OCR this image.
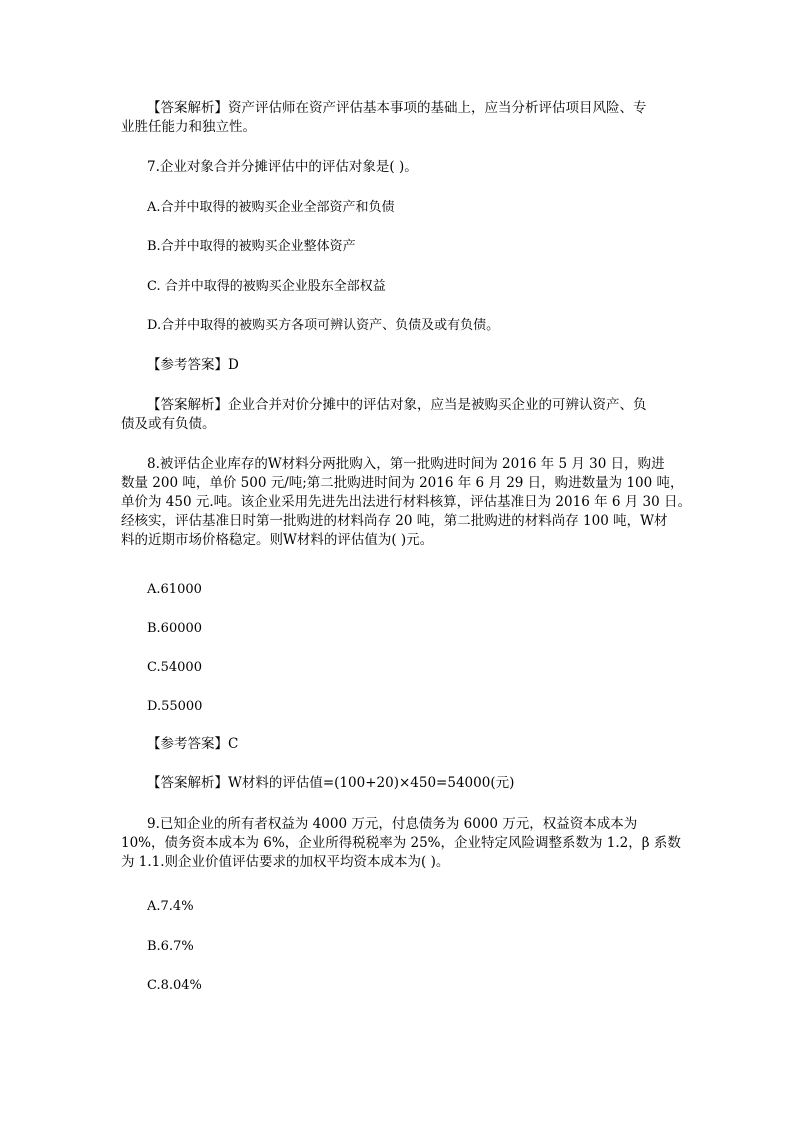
【答案解析】资产评估师在资产评估基本事项的基础上，应当分析评估项目风险、专
业胜任能力和独立性。
7.企业对象合并分摊评估中的评估对象是( )。
A.合并中取得的被购买企业全部资产和负债
B.合并中取得的被购买企业整体资产
C. 合并中取得的被购买企业股东全部权益
D.合并中取得的被购买方各项可辨认资产、负债及或有负债。
【参考答案】D
【答案解析】企业合并对价分摊中的评估对象，应当是被购买企业的可辨认资产、负
债及或有负债。
8.被评估企业库存的W材料分两批购入，第一批购进时间为 2016 年 5 月 30 日，购进
数量 200 吨，单价 500 元/吨;第二批购进时间为 2016 年 6 月 29 日，购进数量为 100 吨，
单价为 450 元.吨。该企业采用先进先出法进行材料核算，评估基准日为 2016 年 6 月 30 日。
经核实，评估基准日时第一批购进的材料尚存 20 吨，第二批购进的材料尚存 100 吨，W材
料的近期市场价格稳定。则W材料的评估值为( )元。
A.61000
B.60000
C.54000
D.55000
【参考答案】C
【答案解析】W材料的评估值=(100+20)×450=54000(元)
9.已知企业的所有者权益为 4000 万元，付息债务为 6000 万元，权益资本成本为
10%，债务资本成本为 6%，企业所得税税率为 25%，企业特定风险调整系数为 1.2，β 系数
为 1.1.则企业价值评估要求的加权平均资本成本为( )。
A.7.4%
B.6.7%
C.8.04%
